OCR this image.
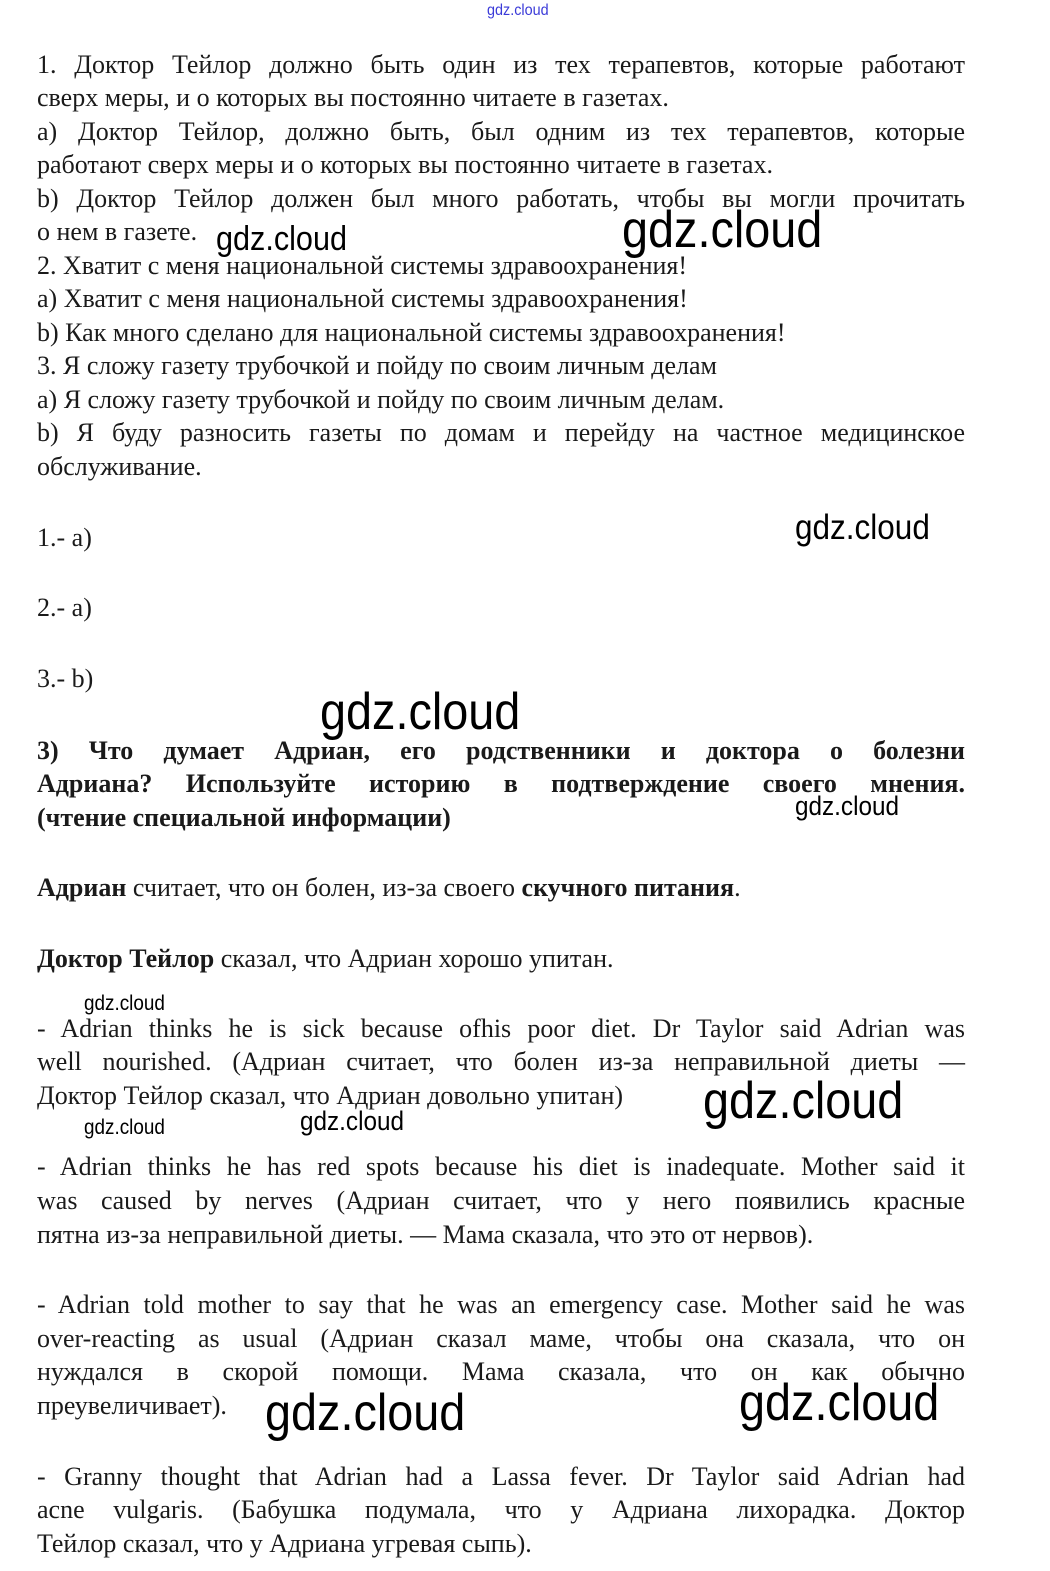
1. Доктор Тейлор должно быть один из тех терапевтов, которые работают
сверх меры, и о которых вы постоянно читаете в газетах.
a) Доктор Тейлор, должно быть, был одним из тех терапевтов, которые
работают сверх меры и о которых вы постоянно читаете в газетах.
b) Доктор Тейлор должен был много работать, чтобы вы могли прочитать
о нем в газете.
2. Хватит с меня национальной системы здравоохранения!
a) Хватит с меня национальной системы здравоохранения!
b) Как много сделано для национальной системы здравоохранения!
3. Я сложу газету трубочкой и пойду по своим личным делам
a) Я сложу газету трубочкой и пойду по своим личным делам.
b) Я буду разносить газеты по домам и перейду на частное медицинское
обслуживание.
1.- a)
2.- a)
3.- b)
3) Что думает Адриан, его родственники и доктора о болезни
Адриана? Используйте историю в подтверждение своего мнения.
(чтение специальной информации)
Адриан считает, что он болен, из-за своего скучного питания.
Доктор Тейлор сказал, что Адриан хорошо упитан.
- Adrian thinks he is sick because ofhis poor diet. Dr Taylor said Adrian was
well nourished. (Адриан считает, что болен из-за неправильной диеты —
Доктор Тейлор сказал, что Адриан довольно упитан)
- Adrian thinks he has red spots because his diet is inadequate. Mother said it
was caused by nerves (Адриан считает, что у него появились красные
пятна из-за неправильной диеты. — Мама сказала, что это от нервов).
- Adrian told mother to say that he was an emergency case. Mother said he was
over-reacting as usual (Адриан сказал маме, чтобы она сказала, что он
нуждался в скорой помощи. Мама сказала, что он как обычно
преувеличивает).
- Granny thought that Adrian had a Lassa fever. Dr Taylor said Adrian had
acne vulgaris. (Бабушка подумала, что у Адриана лихорадка. Доктор
Тейлор сказал, что у Адриана угревая сыпь).
gdz.cloud
gdz.cloud	gdz.cloud
gdz.cloud
gdz.cloud
gdz.cloud
gdz.cloud
gdz.cloud
gdz.cloud	gdz.cloud
gdz.cloud	gdz.cloud
